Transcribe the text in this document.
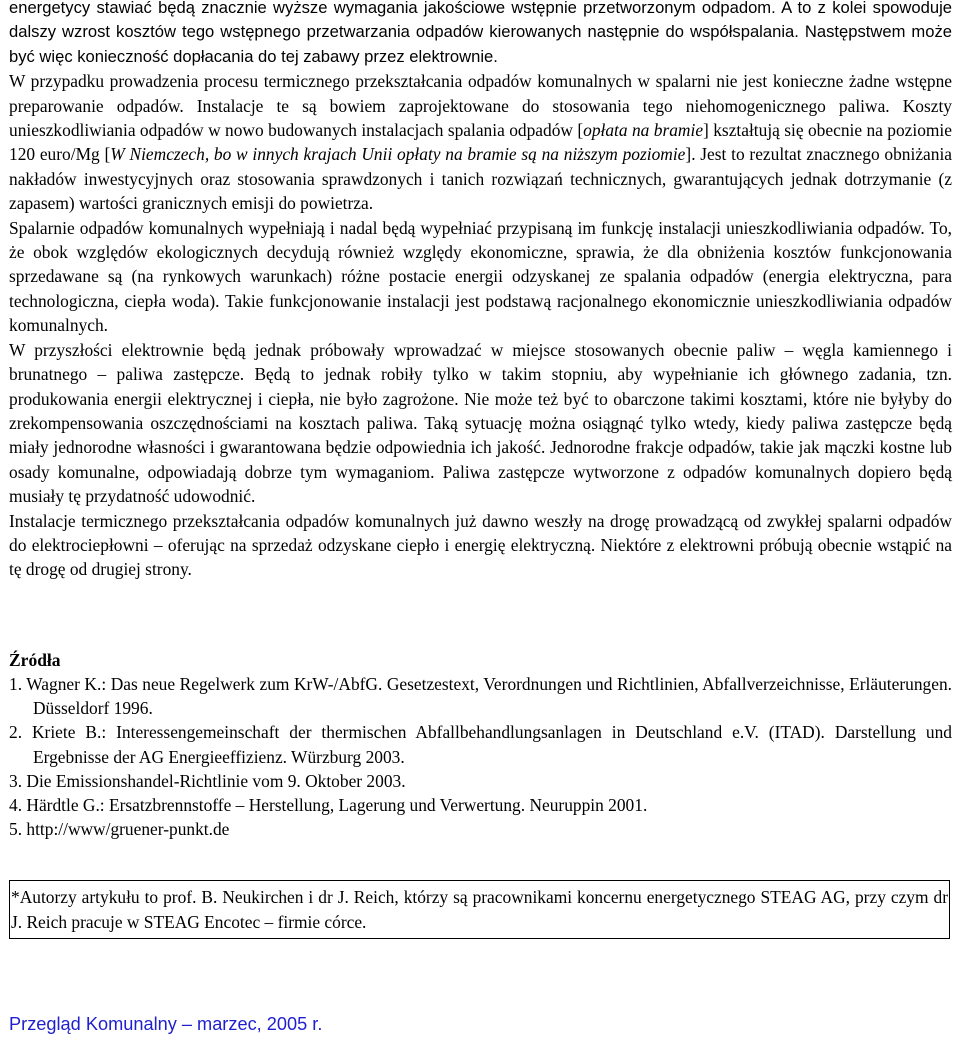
energetycy stawiać będą znacznie wyższe wymagania jakościowe wstępnie przetworzonym odpadom. A to z kolei spowoduje dalszy wzrost kosztów tego wstępnego przetwarzania odpadów kierowanych następnie do współspalania. Następstwem może być więc konieczność dopłacania do tej zabawy przez elektrownie.

W przypadku prowadzenia procesu termicznego przekształcania odpadów komunalnych w spalarni nie jest konieczne żadne wstępne preparowanie odpadów. Instalacje te są bowiem zaprojektowane do stosowania tego niehomogenicznego paliwa. Koszty unieszkodliwiania odpadów w nowo budowanych instalacjach spalania odpadów [opłata na bramie] kształtują się obecnie na poziomie 120 euro/Mg [W Niemczech, bo w innych krajach Unii opłaty na bramie są na niższym poziomie]. Jest to rezultat znacznego obniżania nakładów inwestycyjnych oraz stosowania sprawdzonych i tanich rozwiązań technicznych, gwarantujących jednak dotrzymanie (z zapasem) wartości granicznych emisji do powietrza.

Spalarnie odpadów komunalnych wypełniają i nadal będą wypełniać przypisaną im funkcję instalacji unieszkodliwiania odpadów. To, że obok względów ekologicznych decydują również względy ekonomiczne, sprawia, że dla obniżenia kosztów funkcjonowania sprzedawane są (na rynkowych warunkach) różne postacie energii odzyskanej ze spalania odpadów (energia elektryczna, para technologiczna, ciepła woda). Takie funkcjonowanie instalacji jest podstawą racjonalnego ekonomicznie unieszkodliwiania odpadów komunalnych.

W przyszłości elektrownie będą jednak próbowały wprowadzać w miejsce stosowanych obecnie paliw – węgla kamiennego i brunatnego – paliwa zastępcze. Będą to jednak robiły tylko w takim stopniu, aby wypełnianie ich głównego zadania, tzn. produkowania energii elektrycznej i ciepła, nie było zagrożone. Nie może też być to obarczone takimi kosztami, które nie byłyby do zrekompensowania oszczędnościami na kosztach paliwa. Taką sytuację można osiągnąć tylko wtedy, kiedy paliwa zastępcze będą miały jednorodne własności i gwarantowana będzie odpowiednia ich jakość. Jednorodne frakcje odpadów, takie jak mączki kostne lub osady komunalne, odpowiadają dobrze tym wymaganiom. Paliwa zastępcze wytworzone z odpadów komunalnych dopiero będą musiały tę przydatność udowodnić.

Instalacje termicznego przekształcania odpadów komunalnych już dawno weszły na drogę prowadzącą od zwykłej spalarni odpadów do elektrociepłowni – oferując na sprzedaż odzyskane ciepło i energię elektryczną. Niektóre z elektrowni próbują obecnie wstąpić na tę drogę od drugiej strony.

Źródła
1. Wagner K.: Das neue Regelwerk zum KrW-/AbfG. Gesetzestext, Verordnungen und Richtlinien, Abfallverzeichnisse, Erläuterungen. Düsseldorf 1996.
2. Kriete B.: Interessengemeinschaft der thermischen Abfallbehandlungsanlagen in Deutschland e.V. (ITAD). Darstellung und Ergebnisse der AG Energieeffizienz. Würzburg 2003.
3. Die Emissionshandel-Richtlinie vom 9. Oktober 2003.
4. Härdtle G.: Ersatzbrennstoffe – Herstellung, Lagerung und Verwertung. Neuruppin 2001.
5. http://www/gruener-punkt.de
*Autorzy artykułu to prof. B. Neukirchen i dr J. Reich, którzy są pracownikami koncernu energetycznego STEAG AG, przy czym dr J. Reich pracuje w STEAG Encotec – firmie córce.
Przegląd Komunalny – marzec, 2005 r.
